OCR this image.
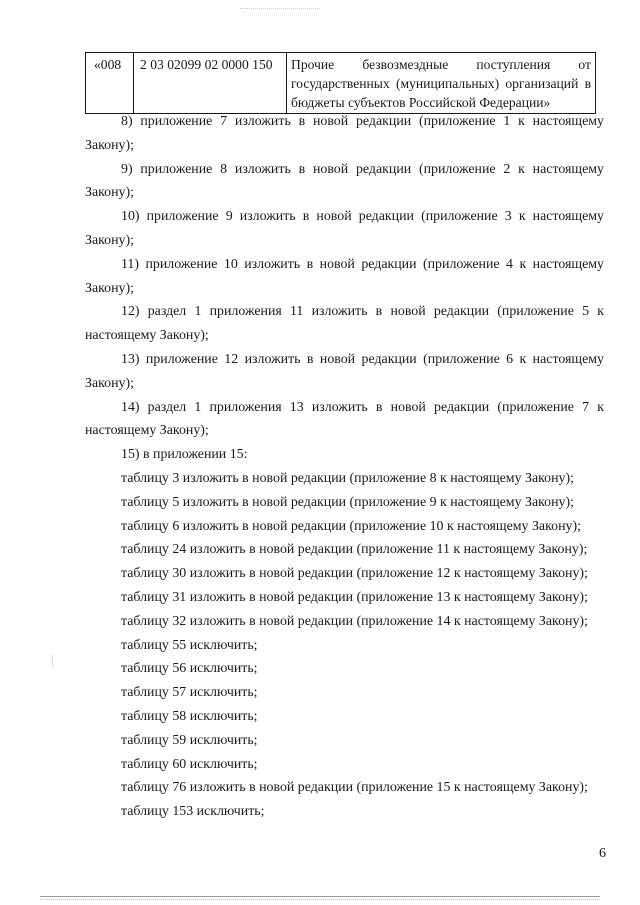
«008	2 03 02099 02 0000 150	Прочие безвозмездные поступления от государственных (муниципальных) организаций в бюджеты субъектов Российской Федерации»

8) приложение 7 изложить в новой редакции (приложение 1 к настоящему Закону);

9) приложение 8 изложить в новой редакции (приложение 2 к настоящему Закону);

10) приложение 9 изложить в новой редакции (приложение 3 к настоящему Закону);

11) приложение 10 изложить в новой редакции (приложение 4 к настоящему Закону);

12) раздел 1 приложения 11 изложить в новой редакции (приложение 5 к настоящему Закону);

13) приложение 12 изложить в новой редакции (приложение 6 к настоящему Закону);

14) раздел 1 приложения 13 изложить в новой редакции (приложение 7 к настоящему Закону);

15) в приложении 15:

таблицу 3 изложить в новой редакции (приложение 8 к настоящему Закону);

таблицу 5 изложить в новой редакции (приложение 9 к настоящему Закону);

таблицу 6 изложить в новой редакции (приложение 10 к настоящему Закону);

таблицу 24 изложить в новой редакции (приложение 11 к настоящему Закону);

таблицу 30 изложить в новой редакции (приложение 12 к настоящему Закону);

таблицу 31 изложить в новой редакции (приложение 13 к настоящему Закону);

таблицу 32 изложить в новой редакции (приложение 14 к настоящему Закону);

таблицу 55 исключить;

таблицу 56 исключить;

таблицу 57 исключить;

таблицу 58 исключить;

таблицу 59 исключить;

таблицу 60 исключить;

таблицу 76 изложить в новой редакции (приложение 15 к настоящему Закону);

таблицу 153 исключить;

6
